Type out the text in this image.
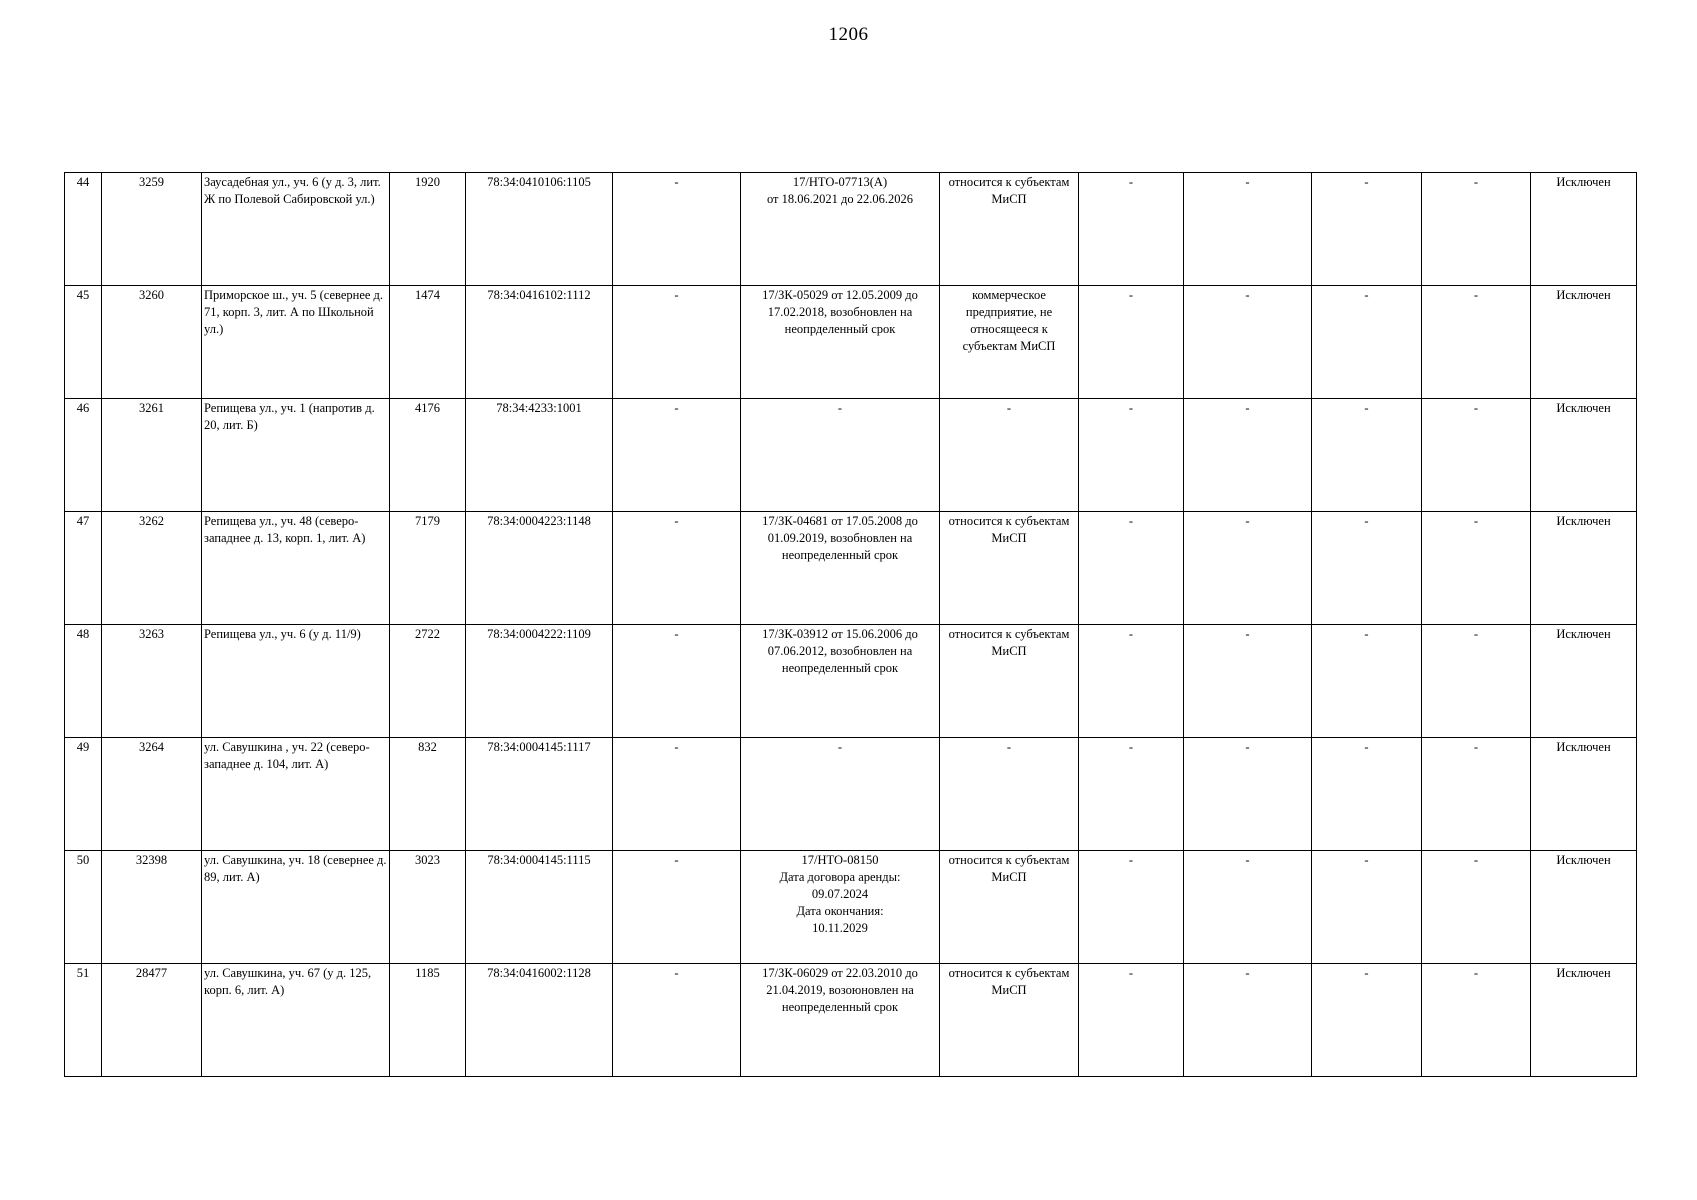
1206
44	3259	Заусадебная ул., уч. 6 (у д. 3, лит. Ж по Полевой Сабировской ул.)	1920	78:34:0410106:1105	-	17/НТО-07713(А)
от 18.06.2021 до 22.06.2026	относится к субъектам МиСП	-	-	-	-	Исключен
45	3260	Приморское ш., уч. 5 (севернее д. 71, корп. 3, лит. А по Школьной ул.)	1474	78:34:0416102:1112	-	17/ЗК-05029 от 12.05.2009 до 17.02.2018, возобновлен на неопрделенный срок	коммерческое предприятие, не относящееся к субъектам МиСП	-	-	-	-	Исключен
46	3261	Репищева ул., уч. 1 (напротив д. 20, лит. Б)	4176	78:34:4233:1001	-	-	-	-	-	-	-	Исключен
47	3262	Репищева ул., уч. 48 (северо-западнее д. 13, корп. 1, лит. А)	7179	78:34:0004223:1148	-	17/ЗК-04681 от 17.05.2008 до 01.09.2019, возобновлен на неопределенный срок	относится к субъектам МиСП	-	-	-	-	Исключен
48	3263	Репищева ул., уч. 6 (у д. 11/9)	2722	78:34:0004222:1109	-	17/ЗК-03912 от 15.06.2006 до 07.06.2012, возобновлен на неопределенный срок	относится к субъектам МиСП	-	-	-	-	Исключен
49	3264	ул. Савушкина , уч. 22 (северо-западнее д. 104, лит. А)	832	78:34:0004145:1117	-	-	-	-	-	-	-	Исключен
50	32398	ул. Савушкина, уч. 18 (севернее д. 89, лит. А)	3023	78:34:0004145:1115	-	17/НТО-08150
Дата договора аренды:
09.07.2024
Дата окончания:
10.11.2029	относится к субъектам МиСП	-	-	-	-	Исключен
51	28477	ул. Савушкина, уч. 67 (у д. 125, корп. 6, лит. А)	1185	78:34:0416002:1128	-	17/ЗК-06029 от 22.03.2010 до 21.04.2019, возоюновлен на неопределенный срок	относится к субъектам МиСП	-	-	-	-	Исключен
